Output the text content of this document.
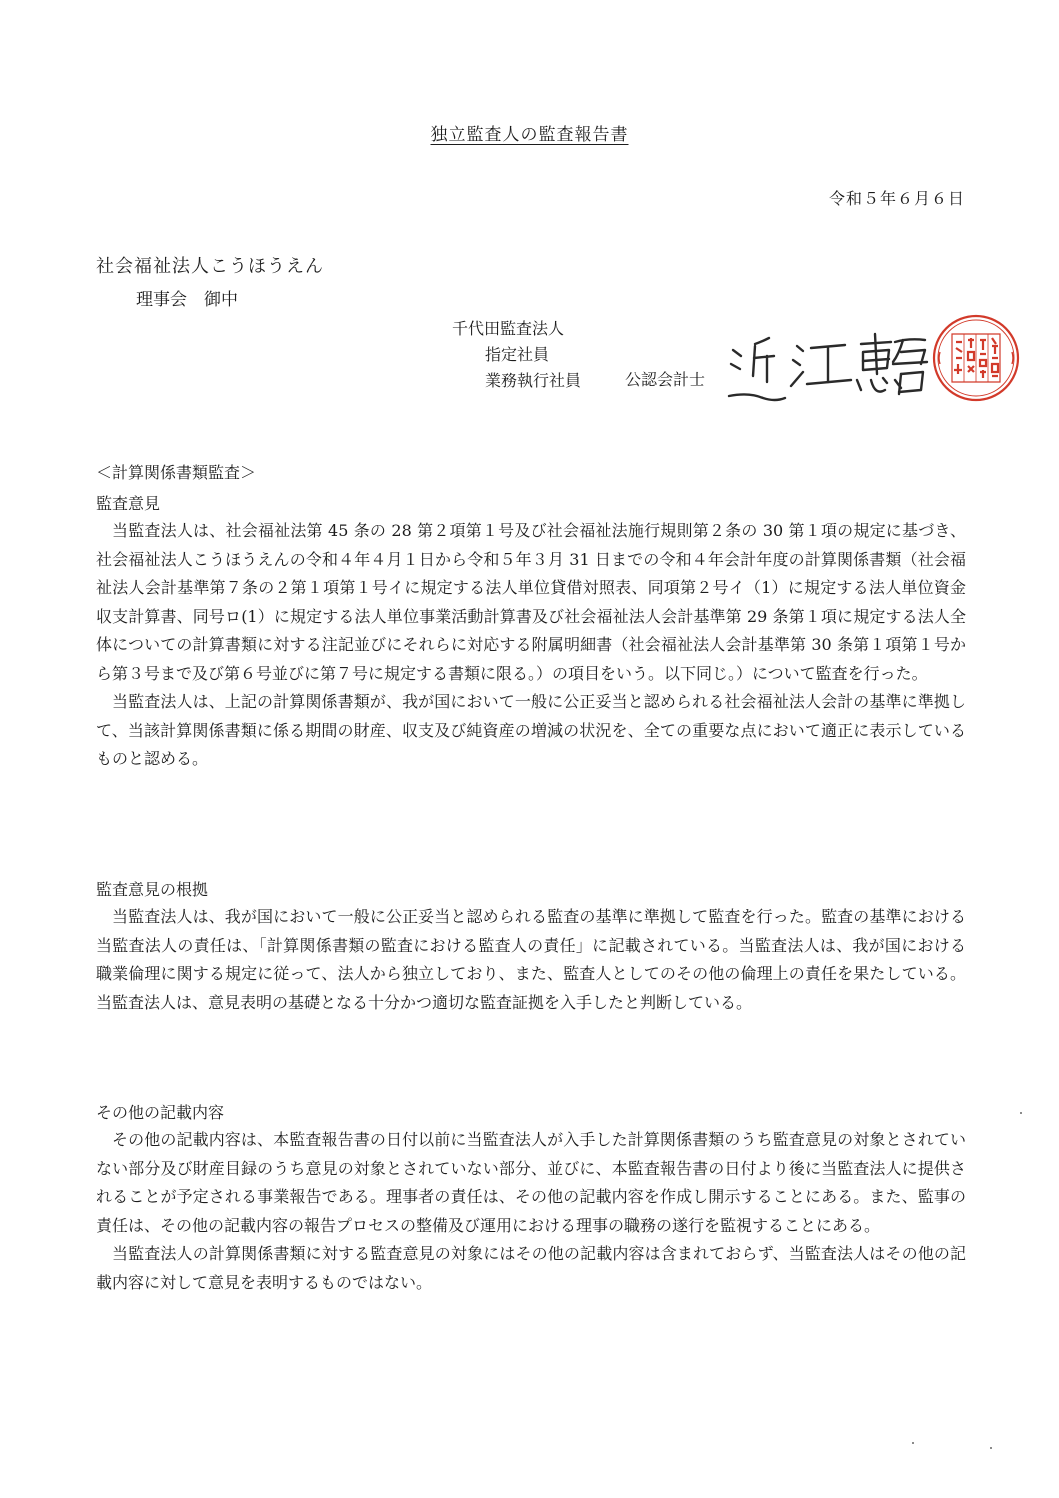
独立監査人の監査報告書
令和５年６月６日
社会福祉法人こうほうえん
理事会　御中
千代田監査法人
指定社員
業務執行社員	公認会計士
＜計算関係書類監査＞
監査意見

当監査法人は、社会福祉法第 45 条の 28 第２項第１号及び社会福祉法施行規則第２条の 30 第１項の規定に基づき、社会福祉法人こうほうえんの令和４年４月１日から令和５年３月 31 日までの令和４年会計年度の計算関係書類（社会福祉法人会計基準第７条の２第１項第１号イに規定する法人単位貸借対照表、同項第２号イ（1）に規定する法人単位資金収支計算書、同号ロ(1）に規定する法人単位事業活動計算書及び社会福祉法人会計基準第 29 条第１項に規定する法人全体についての計算書類に対する注記並びにそれらに対応する附属明細書（社会福祉法人会計基準第 30 条第１項第１号から第３号まで及び第６号並びに第７号に規定する書類に限る。）の項目をいう。以下同じ。）について監査を行った。

当監査法人は、上記の計算関係書類が、我が国において一般に公正妥当と認められる社会福祉法人会計の基準に準拠して、当該計算関係書類に係る期間の財産、収支及び純資産の増減の状況を、全ての重要な点において適正に表示しているものと認める。

監査意見の根拠

当監査法人は、我が国において一般に公正妥当と認められる監査の基準に準拠して監査を行った。監査の基準における当監査法人の責任は、「計算関係書類の監査における監査人の責任」に記載されている。当監査法人は、我が国における職業倫理に関する規定に従って、法人から独立しており、また、監査人としてのその他の倫理上の責任を果たしている。当監査法人は、意見表明の基礎となる十分かつ適切な監査証拠を入手したと判断している。

その他の記載内容

その他の記載内容は、本監査報告書の日付以前に当監査法人が入手した計算関係書類のうち監査意見の対象とされていない部分及び財産目録のうち意見の対象とされていない部分、並びに、本監査報告書の日付より後に当監査法人に提供されることが予定される事業報告である。理事者の責任は、その他の記載内容を作成し開示することにある。また、監事の責任は、その他の記載内容の報告プロセスの整備及び運用における理事の職務の遂行を監視することにある。

当監査法人の計算関係書類に対する監査意見の対象にはその他の記載内容は含まれておらず、当監査法人はその他の記載内容に対して意見を表明するものではない。
